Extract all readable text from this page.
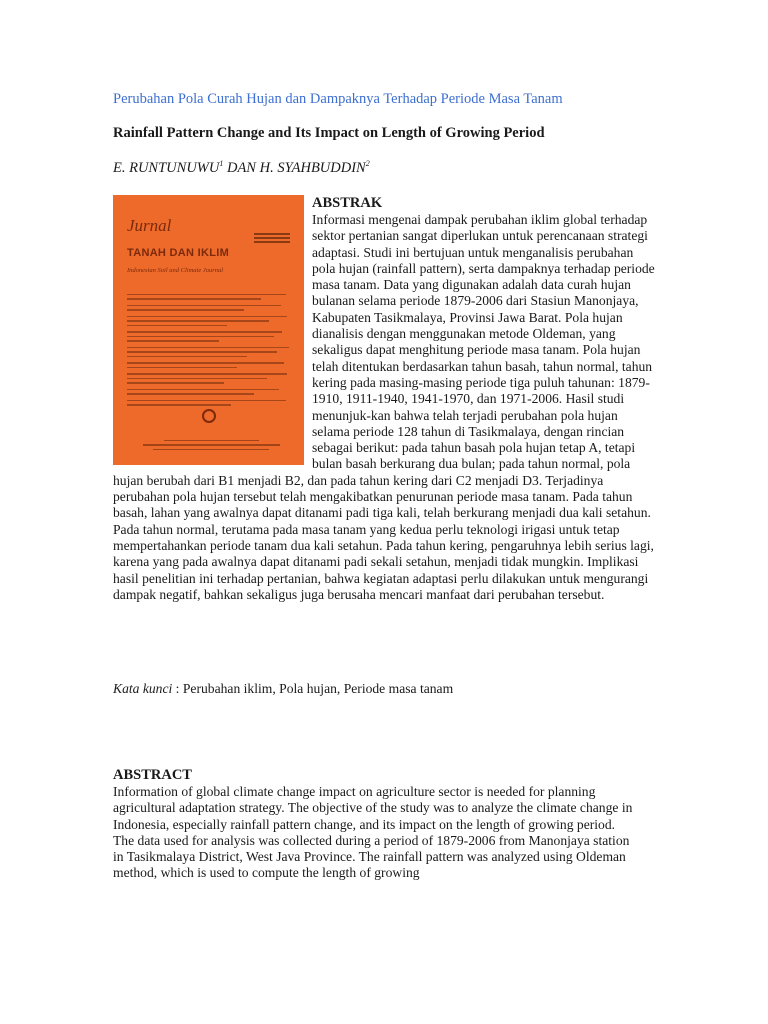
Perubahan Pola Curah Hujan dan Dampaknya Terhadap Periode Masa Tanam
Rainfall Pattern Change and Its Impact on Length of Growing Period
E. RUNTUNUWU$^1$ DAN H. SYAHBUDDIN$^2$
Jurnal
TANAH DAN IKLIM
Indonesian Soil and Climate Journal
ABSTRAK

Informasi mengenai dampak perubahan iklim global terhadap sektor pertanian sangat diperlukan untuk perencanaan strategi adaptasi. Studi ini bertujuan untuk menganalisis perubahan pola hujan (rainfall pattern), serta dampaknya terhadap periode masa tanam. Data yang digunakan adalah data curah hujan bulanan selama periode 1879-2006 dari Stasiun Manonjaya, Kabupaten Tasikmalaya, Provinsi Jawa Barat. Pola hujan dianalisis dengan menggunakan metode Oldeman, yang sekaligus dapat menghitung periode masa tanam. Pola hujan telah ditentukan berdasarkan tahun basah, tahun normal, tahun kering pada masing-masing periode tiga puluh tahunan: 1879-1910, 1911-1940, 1941-1970, dan 1971-2006. Hasil studi menunjuk-kan bahwa telah terjadi perubahan pola hujan selama periode 128 tahun di Tasikmalaya, dengan rincian sebagai berikut: pada tahun basah pola hujan tetap A, tetapi bulan basah berkurang dua bulan; pada tahun normal, pola hujan berubah dari B1 menjadi B2, dan pada tahun kering dari C2 menjadi D3. Terjadinya perubahan pola hujan tersebut telah mengakibatkan penurunan periode masa tanam. Pada tahun basah, lahan yang awalnya dapat ditanami padi tiga kali, telah berkurang menjadi dua kali setahun. Pada tahun normal, terutama pada masa tanam yang kedua perlu teknologi irigasi untuk tetap mempertahankan periode tanam dua kali setahun. Pada tahun kering, pengaruhnya lebih serius lagi, karena yang pada awalnya dapat ditanami padi sekali setahun, menjadi tidak mungkin. Implikasi hasil penelitian ini terhadap pertanian, bahwa kegiatan adaptasi perlu dilakukan untuk mengurangi dampak negatif, bahkan sekaligus juga berusaha mencari manfaat dari perubahan tersebut.

Kata kunci : Perubahan iklim, Pola hujan, Periode masa tanam
ABSTRACT

Information of global climate change impact on agriculture sector is needed for planning agricultural adaptation strategy. The objective of the study was to analyze the climate change in Indonesia, especially rainfall pattern change, and its impact on the length of growing period. The data used for analysis was collected during a period of 1879-2006 from Manonjaya station in Tasikmalaya District, West Java Province. The rainfall pattern was analyzed using Oldeman method, which is used to compute the length of growing
